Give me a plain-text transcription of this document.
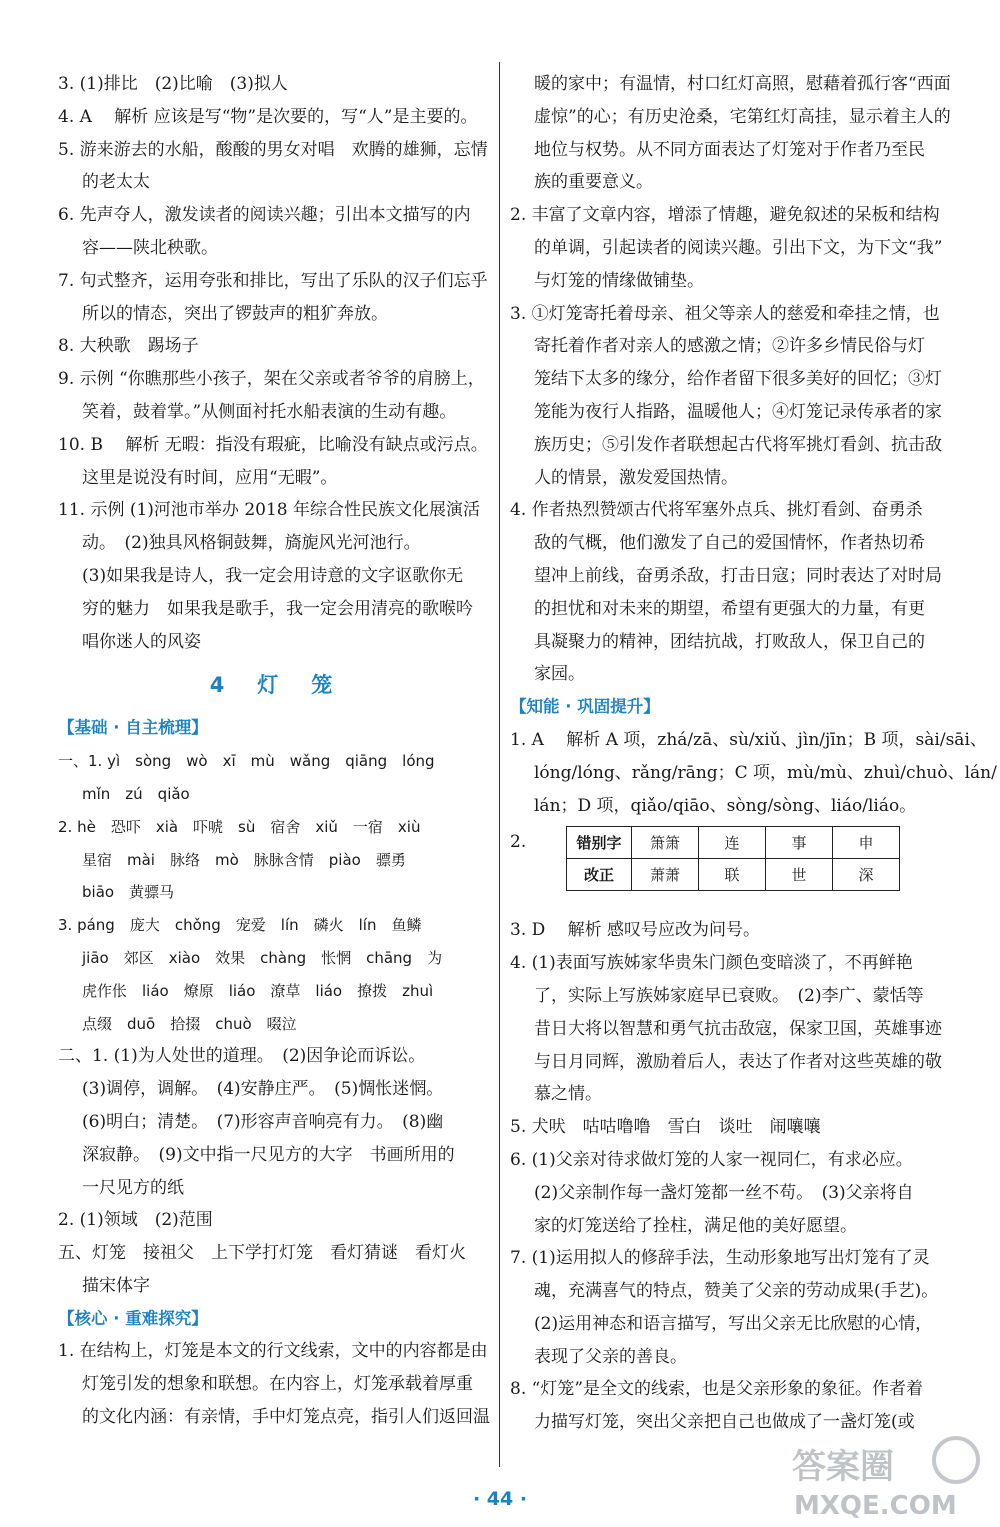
3. (1)排比　(2)比喻　(3)拟人
4. A　 解析 应该是写“物”是次要的，写“人”是主要的。
5. 游来游去的水船，酸酸的男女对唱　欢腾的雄狮，忘情
的老太太
6. 先声夺人，激发读者的阅读兴趣；引出本文描写的内
容——陕北秧歌。
7. 句式整齐，运用夸张和排比，写出了乐队的汉子们忘乎
所以的情态，突出了锣鼓声的粗犷奔放。
8. 大秧歌　踢场子
9. 示例 “你瞧那些小孩子，架在父亲或者爷爷的肩膀上，
笑着，鼓着掌。”从侧面衬托水船表演的生动有趣。
10. B　 解析 无暇：指没有瑕疵，比喻没有缺点或污点。
这里是说没有时间，应用“无暇”。
11. 示例 (1)河池市举办 2018 年综合性民族文化展演活
动。　(2)独具风格铜鼓舞，旖旎风光河池行。
(3)如果我是诗人，我一定会用诗意的文字讴歌你无
穷的魅力　如果我是歌手，我一定会用清亮的歌喉吟
唱你迷人的风姿
4　灯　笼
【基础 · 自主梳理】
一、1. yì　sòng　wò　xī　mù　wǎng　qiāng　lóng
mǐn　zú　qiǎo
2. hè　恐吓　xià　吓唬　sù　宿舍　xiǔ　一宿　xiù
星宿　mài　脉络　mò　脉脉含情　piào　骠勇
biāo　黄骠马
3. páng　庞大　chǒng　宠爱　lín　磷火　lín　鱼鳞
jiāo　郊区　xiào　效果　chàng　怅惘　chāng　为
虎作伥　liáo　燎原　liáo　潦草　liáo　撩拨　zhuì
点缀　duō　拾掇　chuò　啜泣
二、1. (1)为人处世的道理。　(2)因争论而诉讼。
(3)调停，调解。　(4)安静庄严。　(5)惆怅迷惘。
(6)明白；清楚。　(7)形容声音响亮有力。　(8)幽
深寂静。　(9)文中指一尺见方的大字　书画所用的
一尺见方的纸
2. (1)领域　(2)范围
五、灯笼　接祖父　上下学打灯笼　看灯猜谜　看灯火
描宋体字
【核心 · 重难探究】
1. 在结构上，灯笼是本文的行文线索，文中的内容都是由
灯笼引发的想象和联想。在内容上，灯笼承载着厚重
的文化内涵：有亲情，手中灯笼点亮，指引人们返回温
暖的家中；有温情，村口红灯高照，慰藉着孤行客“西面
虚惊”的心；有历史沧桑，宅第红灯高挂，显示着主人的
地位与权势。从不同方面表达了灯笼对于作者乃至民
族的重要意义。
2. 丰富了文章内容，增添了情趣，避免叙述的呆板和结构
的单调，引起读者的阅读兴趣。引出下文，为下文“我”
与灯笼的情缘做铺垫。
3. ①灯笼寄托着母亲、祖父等亲人的慈爱和牵挂之情，也
寄托着作者对亲人的感激之情；②许多乡情民俗与灯
笼结下太多的缘分，给作者留下很多美好的回忆；③灯
笼能为夜行人指路，温暖他人；④灯笼记录传承者的家
族历史；⑤引发作者联想起古代将军挑灯看剑、抗击敌
人的情景，激发爱国热情。
4. 作者热烈赞颂古代将军塞外点兵、挑灯看剑、奋勇杀
敌的气概，他们激发了自己的爱国情怀，作者热切希
望冲上前线，奋勇杀敌，打击日寇；同时表达了对时局
的担忧和对未来的期望，希望有更强大的力量，有更
具凝聚力的精神，团结抗战，打败敌人，保卫自己的
家园。
【知能 · 巩固提升】
1. A　 解析 A 项，zhá/zā、sù/xiǔ、jìn/jīn；B 项，sài/sāi、
lóng/lóng、rǎng/rāng；C 项，mù/mù、zhuì/chuò、lán/
lán；D 项，qiǎo/qiāo、sòng/sòng、liáo/liáo。
2.	错别字	箫箫	连	事	申
改正	萧萧	联	世	深
3. D　 解析 感叹号应改为问号。
4. (1)表面写族姊家华贵朱门颜色变暗淡了，不再鲜艳
了，实际上写族姊家庭早已衰败。　(2)李广、蒙恬等
昔日大将以智慧和勇气抗击敌寇，保家卫国，英雄事迹
与日月同辉，激励着后人，表达了作者对这些英雄的敬
慕之情。
5. 犬吠　咕咕噜噜　雪白　谈吐　闹嚷嚷
6. (1)父亲对待求做灯笼的人家一视同仁，有求必应。
(2)父亲制作每一盏灯笼都一丝不苟。　(3)父亲将自
家的灯笼送给了拴柱，满足他的美好愿望。
7. (1)运用拟人的修辞手法，生动形象地写出灯笼有了灵
魂，充满喜气的特点，赞美了父亲的劳动成果(手艺)。
(2)运用神态和语言描写，写出父亲无比欣慰的心情，
表现了父亲的善良。
8. “灯笼”是全文的线索，也是父亲形象的象征。作者着
力描写灯笼，突出父亲把自己也做成了一盏灯笼(或
· 44 ·
答案圈
MXQE.COM
